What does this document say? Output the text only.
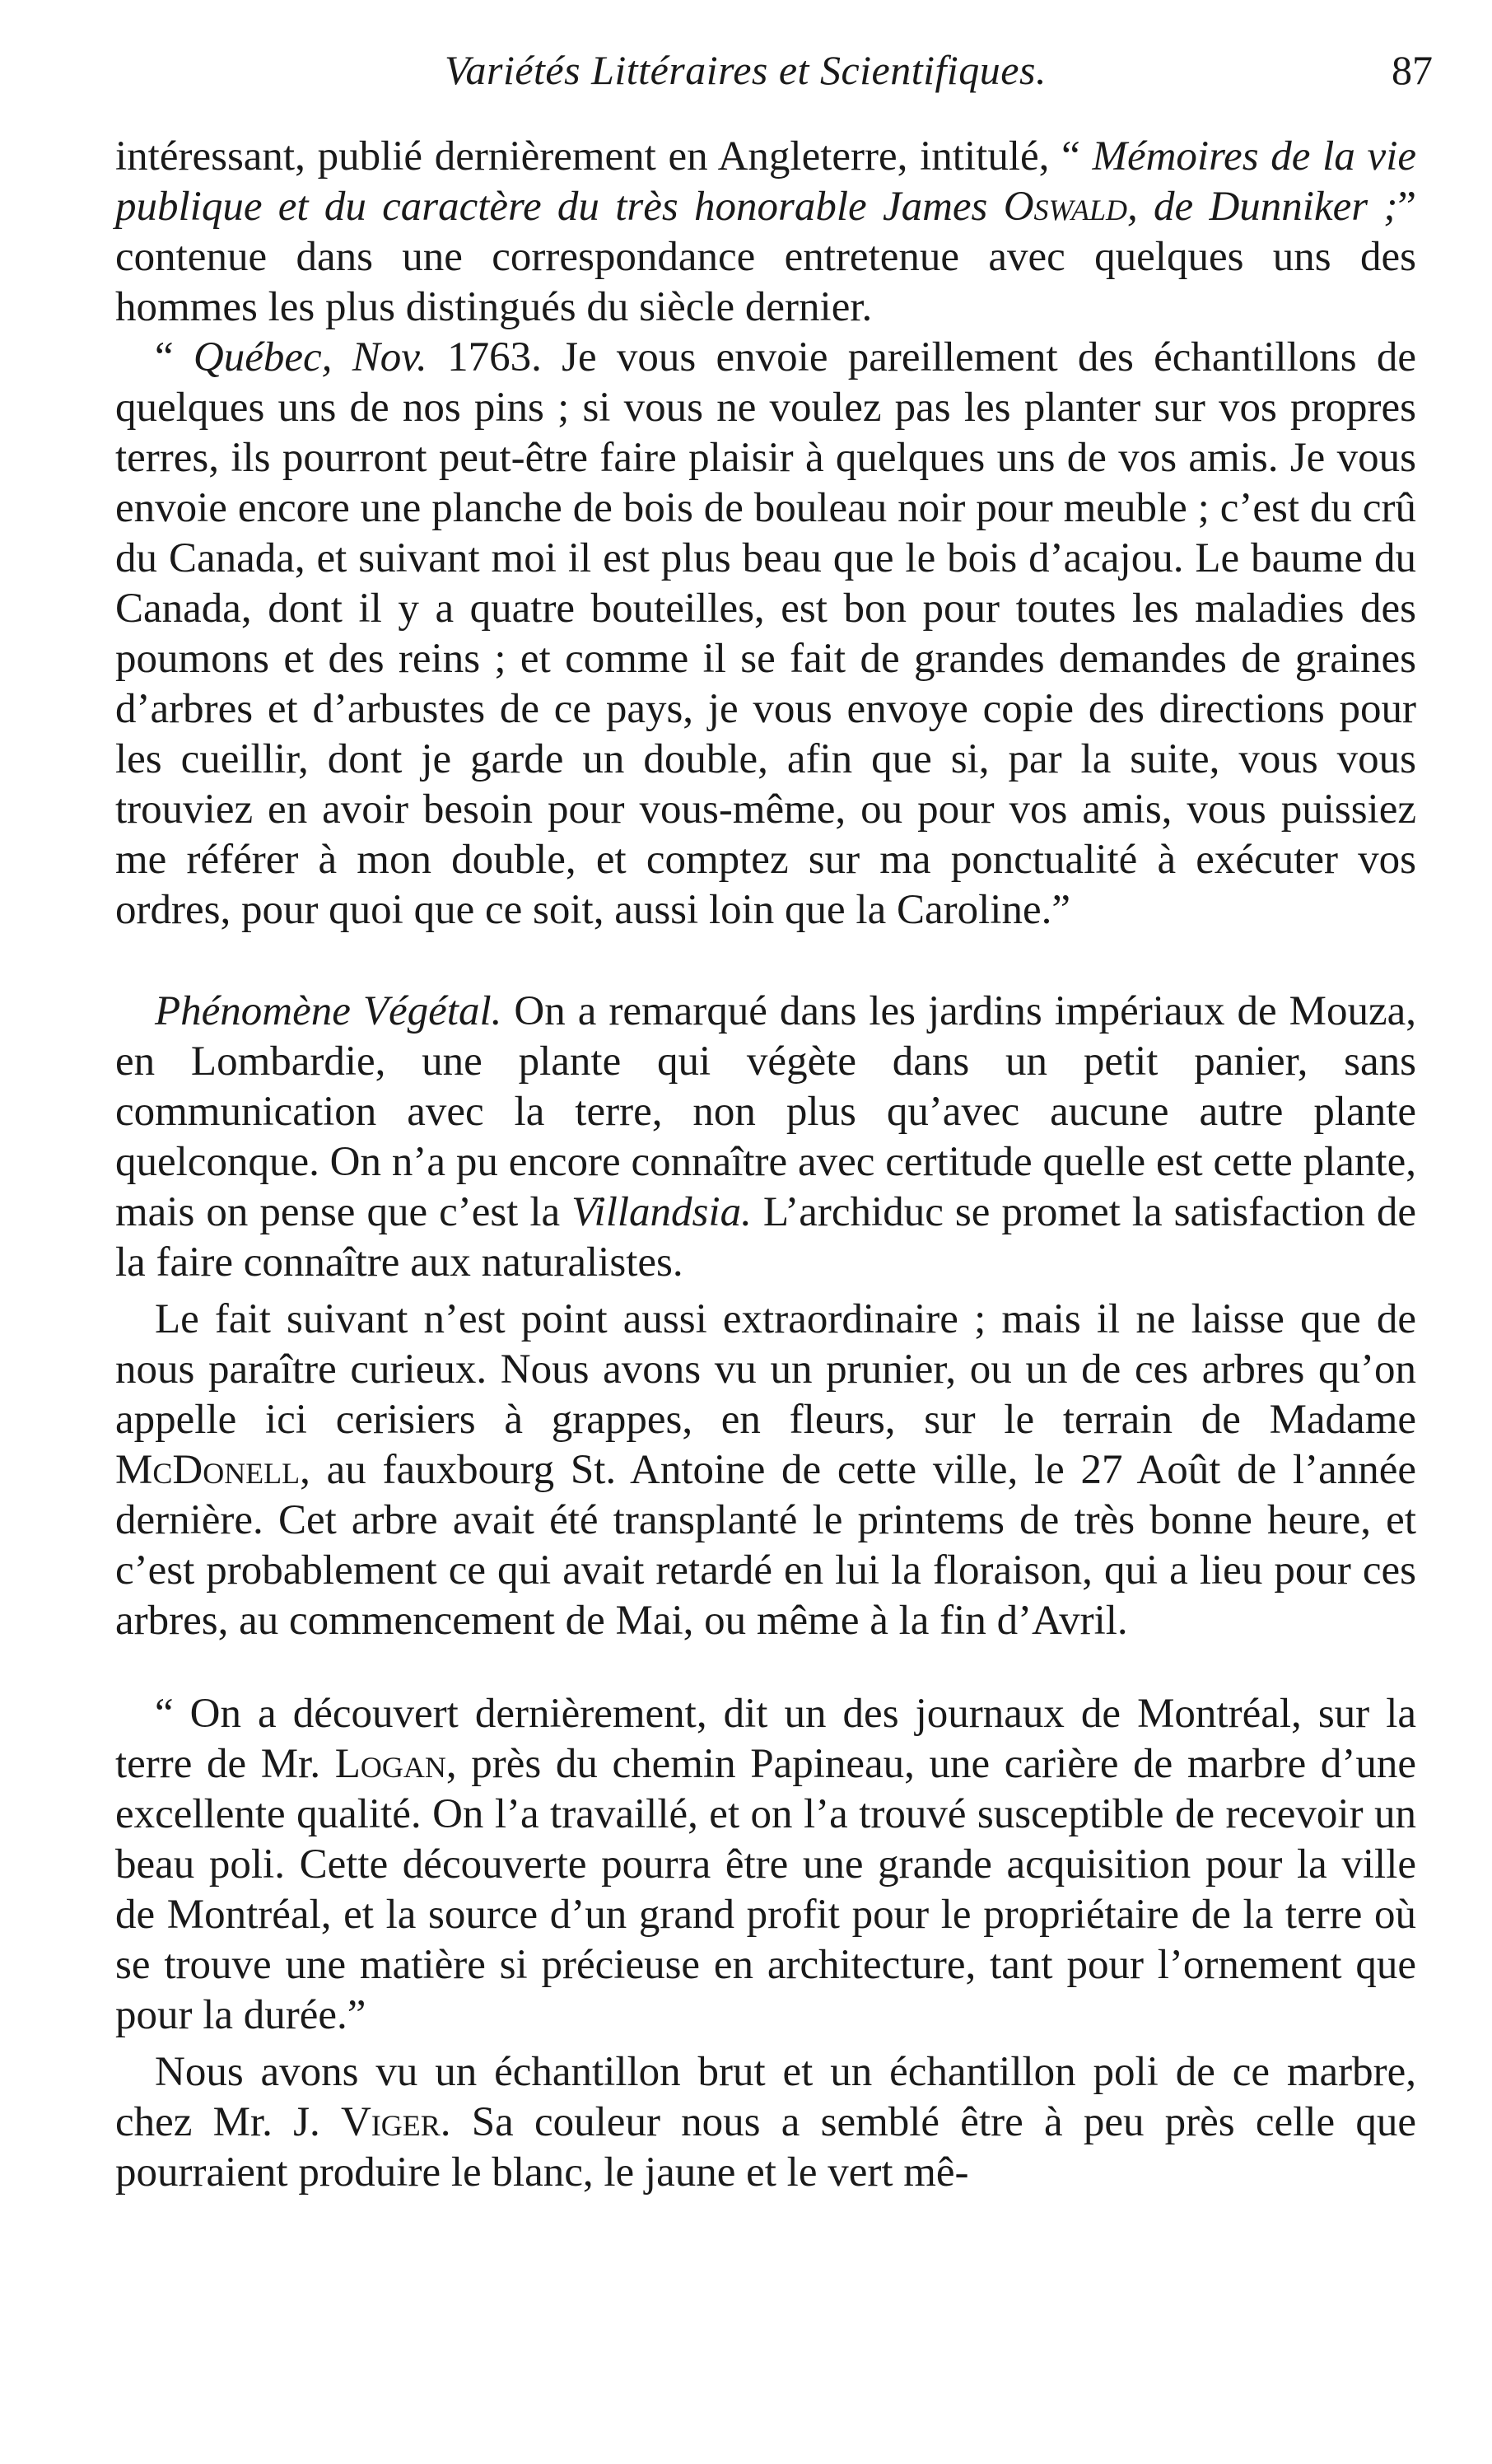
Variétés Littéraires et Scientifiques.	87

intéressant, publié dernièrement en Angleterre, intitulé, “ Mémoires de la vie publique et du caractère du très honorable James Oswald, de Dunniker ;” contenue dans une correspondance entretenue avec quelques uns des hommes les plus distingués du siècle dernier.

“ Québec, Nov. 1763. Je vous envoie pareillement des échantillons de quelques uns de nos pins ; si vous ne voulez pas les planter sur vos propres terres, ils pourront peut-être faire plaisir à quelques uns de vos amis. Je vous envoie encore une planche de bois de bouleau noir pour meuble ; c’est du crû du Canada, et suivant moi il est plus beau que le bois d’acajou. Le baume du Canada, dont il y a quatre bouteilles, est bon pour toutes les maladies des poumons et des reins ; et comme il se fait de grandes demandes de graines d’arbres et d’arbustes de ce pays, je vous envoye copie des directions pour les cueillir, dont je garde un double, afin que si, par la suite, vous vous trouviez en avoir besoin pour vous-même, ou pour vos amis, vous puissiez me référer à mon double, et comptez sur ma ponctualité à exécuter vos ordres, pour quoi que ce soit, aussi loin que la Caroline.”

Phénomène Végétal. On a remarqué dans les jardins impériaux de Mouza, en Lombardie, une plante qui végète dans un petit panier, sans communication avec la terre, non plus qu’avec aucune autre plante quelconque. On n’a pu encore connaître avec certitude quelle est cette plante, mais on pense que c’est la Villandsia. L’archiduc se promet la satisfaction de la faire connaître aux naturalistes.

Le fait suivant n’est point aussi extraordinaire ; mais il ne laisse que de nous paraître curieux. Nous avons vu un prunier, ou un de ces arbres qu’on appelle ici cerisiers à grappes, en fleurs, sur le terrain de Madame McDonell, au fauxbourg St. Antoine de cette ville, le 27 Août de l’année dernière. Cet arbre avait été transplanté le printems de très bonne heure, et c’est probablement ce qui avait retardé en lui la floraison, qui a lieu pour ces arbres, au commencement de Mai, ou même à la fin d’Avril.

“ On a découvert dernièrement, dit un des journaux de Montréal, sur la terre de Mr. Logan, près du chemin Papineau, une carière de marbre d’une excellente qualité. On l’a travaillé, et on l’a trouvé susceptible de recevoir un beau poli. Cette découverte pourra être une grande acquisition pour la ville de Montréal, et la source d’un grand profit pour le propriétaire de la terre où se trouve une matière si précieuse en architecture, tant pour l’ornement que pour la durée.”

Nous avons vu un échantillon brut et un échantillon poli de ce marbre, chez Mr. J. Viger. Sa couleur nous a semblé être à peu près celle que pourraient produire le blanc, le jaune et le vert mê-
